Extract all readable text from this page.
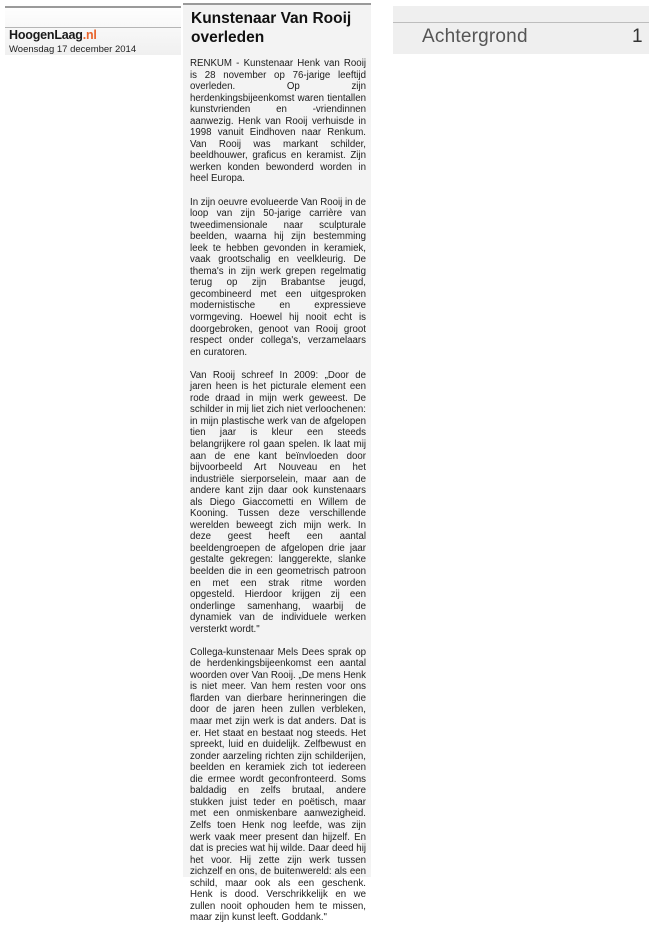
HoogenLaag.nl

Woensdag 17 december 2014

Kunstenaar Van Rooij overleden

RENKUM - Kunstenaar Henk van Rooij is 28 november op 76-jarige leeftijd overleden. Op zijn herdenkingsbijeenkomst waren tientallen kunstvrienden en -vriendinnen aanwezig. Henk van Rooij verhuisde in 1998 vanuit Eindhoven naar Renkum. Van Rooij was markant schilder, beeldhouwer, graficus en keramist. Zijn werken konden bewonderd worden in heel Europa.

In zijn oeuvre evolueerde Van Rooij in de loop van zijn 50-jarige carrière van tweedimensionale naar sculpturale beelden, waarna hij zijn bestemming leek te hebben gevonden in keramiek, vaak grootschalig en veelkleurig. De thema's in zijn werk grepen regelmatig terug op zijn Brabantse jeugd, gecombineerd met een uitgesproken modernistische en expressieve vormgeving. Hoewel hij nooit echt is doorgebroken, genoot van Rooij groot respect onder collega's, verzamelaars en curatoren.

Van Rooij schreef In 2009: „Door de jaren heen is het picturale element een rode draad in mijn werk geweest. De schilder in mij liet zich niet verloochenen: in mijn plastische werk van de afgelopen tien jaar is kleur een steeds belangrijkere rol gaan spelen. Ik laat mij aan de ene kant beïnvloeden door bijvoorbeeld Art Nouveau en het industriële sierporselein, maar aan de andere kant zijn daar ook kunstenaars als Diego Giaccometti en Willem de Kooning. Tussen deze verschillende werelden beweegt zich mijn werk. In deze geest heeft een aantal beeldengroepen de afgelopen drie jaar gestalte gekregen: langgerekte, slanke beelden die in een geometrisch patroon en met een strak ritme worden opgesteld. Hierdoor krijgen zij een onderlinge samenhang, waarbij de dynamiek van de individuele werken versterkt wordt."

Collega-kunstenaar Mels Dees sprak op de herdenkingsbijeenkomst een aantal woorden over Van Rooij. „De mens Henk is niet meer. Van hem resten voor ons flarden van dierbare herinneringen die door de jaren heen zullen verbleken, maar met zijn werk is dat anders. Dat is er. Het staat en bestaat nog steeds. Het spreekt, luid en duidelijk. Zelfbewust en zonder aarzeling richten zijn schilderijen, beelden en keramiek zich tot iedereen die ermee wordt geconfronteerd. Soms baldadig en zelfs brutaal, andere stukken juist teder en poëtisch, maar met een onmiskenbare aanwezigheid. Zelfs toen Henk nog leefde, was zijn werk vaak meer present dan hijzelf. En dat is precies wat hij wilde. Daar deed hij het voor. Hij zette zijn werk tussen zichzelf en ons, de buitenwereld: als een schild, maar ook als een geschenk. Henk is dood. Verschrikkelijk en we zullen nooit ophouden hem te missen, maar zijn kunst leeft. Goddank."

Achtergrond	1
